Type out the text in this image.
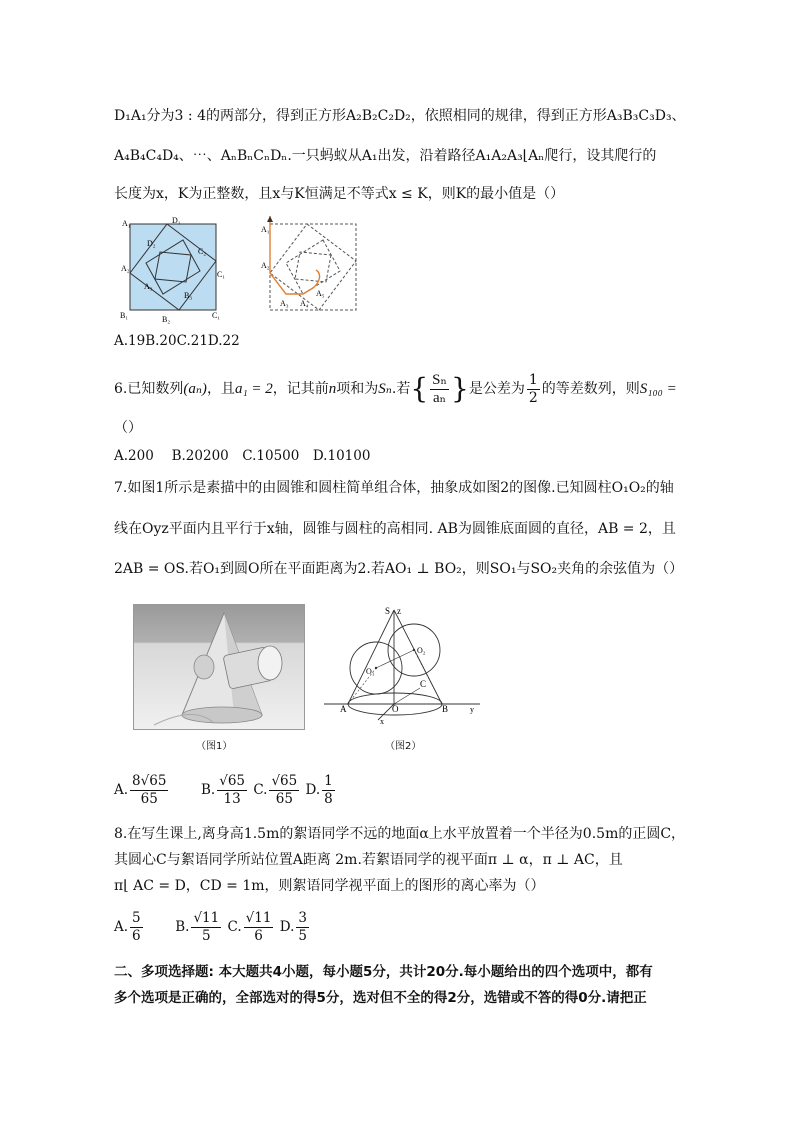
D₁A₁分为3 : 4的两部分，得到正方形A₂B₂C₂D₂，依照相同的规律，得到正方形A₃B₃C₃D₃、
A₄B₄C₄D₄、⋯、AₙBₙCₙDₙ.一只蚂蚁从A₁出发，沿着路径A₁A₂A₃⌊Aₙ爬行，设其爬行的
长度为x，K为正整数，且x与K恒满足不等式x ≤ K，则K的最小值是（）
A₁
D₂
D₁
C₂
A₂
C₁
A₃
B₁	B₂
B₃
C₁
A₁
A₂
A₃ A₄
A₅
A.19B.20C.21D.22
6.已知数列(aₙ)，且a₁ = 2，记其前n项和为Sₙ.若{ $\frac{\text{Sₙ}}{\text{aₙ}}$ }是公差为 $\frac{1}{2}$ 的等差数列，则S₁₀₀ =
（）
A.200　 B.20200　C.10500　D.10100
7.如图1所示是素描中的由圆锥和圆柱简单组合体，抽象成如图2的图像.已知圆柱O₁O₂的轴
线在Oyz平面内且平行于x轴，圆锥与圆柱的高相同. AB为圆锥底面圆的直径，AB = 2，且
2AB = OS.若O₁到圆O所在平面距离为2.若AO₁ ⊥ BO₂，则SO₁与SO₂夹角的余弦值为（）
（图1）
S z
O₂
O₁
C
A	O	B
x
y
（图2）
A. $\frac{8√65}{65} B$. $\frac{√65}{13} C$. $\frac{√65}{65} D$. $\frac{1}{8}$
8.在写生课上,离身高1.5m的絮语同学不远的地面α上水平放置着一个半径为0.5m的正圆C，
其圆心C与絮语同学所站位置A距离 2m.若絮语同学的视平面π ⊥ α，π ⊥ AC，且
π⌊ AC = D，CD = 1m，则絮语同学视平面上的图形的离心率为（）
A. $\frac{5}{6} B$. $\frac{√11}{5} C$. $\frac{√11}{6} D$. $\frac{3}{5}$
二、多项选择题: 本大题共4小题，每小题5分，共计20分.每小题给出的四个选项中，都有
多个选项是正确的，全部选对的得5分，选对但不全的得2分，选错或不答的得0分.请把正
